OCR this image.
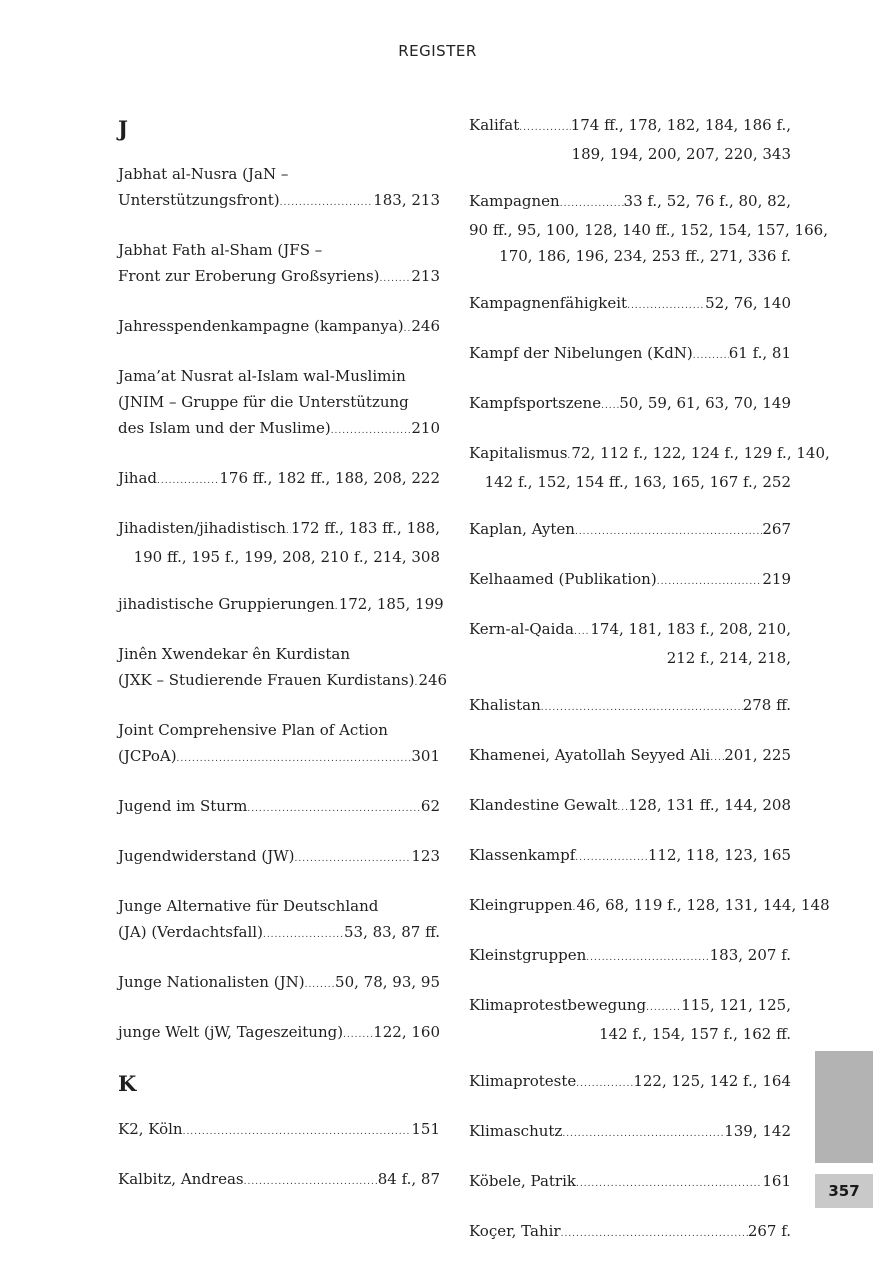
REGISTER
J
Jabhat al-Nusra (JaN –
Unterstützungsfront) .....	183, 213
Jabhat Fath al-Sham (JFS –
Front zur Eroberung Großsyriens) ..... 213
Jahresspendenkampagne (kampanya) ..... 246
Jama’at Nusrat al-Islam wal-Muslimin
(JNIM – Gruppe für die Unterstützung
des Islam und der Muslime) .....	210
Jihad .....	176 ff., 182 ff., 188, 208, 222
Jihadisten/jihadistisch ..... 172 ff., 183 ff., 188,
190 ff., 195 f., 199, 208, 210 f., 214, 308
jihadistische Gruppierungen ..... 172, 185, 199
Jinên Xwendekar ên Kurdistan
(JXK – Studierende Frauen Kurdistans) ..... 246
Joint Comprehensive Plan of Action
(JCPoA) .....	301
Jugend im Sturm .....	62
Jugendwiderstand (JW) .....	123
Junge Alternative für Deutschland
(JA) (Verdachtsfall) .....	53, 83, 87 ff.
Junge Nationalisten (JN) ..... 50, 78, 93, 95
junge Welt (jW, Tageszeitung) ..... 122, 160
K
K2, Köln .....	151
Kalbitz, Andreas .....	84 f., 87
Kalifat .....	174 ff., 178, 182, 184, 186 f.,
189, 194, 200, 207, 220, 343
Kampagnen .....	33 f., 52, 76 f., 80, 82,
90 ff., 95, 100, 128, 140 ff., 152, 154, 157, 166,
170, 186, 196, 234, 253 ff., 271, 336 f.
Kampagnenfähigkeit .....	52, 76, 140
Kampf der Nibelungen (KdN) ..... 61 f., 81
Kampfsportszene ..... 50, 59, 61, 63, 70, 149
Kapitalismus ..... 72, 112 f., 122, 124 f., 129 f., 140,
142 f., 152, 154 ff., 163, 165, 167 f., 252
Kaplan, Ayten .....	267
Kelhaamed (Publikation) .....	219
Kern-al-Qaida ..... 174, 181, 183 f., 208, 210,
212 f., 214, 218,
Khalistan .....	278 ff.
Khamenei, Ayatollah Seyyed Ali ..... 201, 225
Klandestine Gewalt ..... 128, 131 ff., 144, 208
Klassenkampf .....	112, 118, 123, 165
Kleingruppen ..... 46, 68, 119 f., 128, 131, 144, 148
Kleinstgruppen .....	183, 207 f.
Klimaprotestbewegung ..... 115, 121, 125,
142 f., 154, 157 f., 162 ff.
Klimaproteste .....	122, 125, 142 f., 164
Klimaschutz .....	139, 142
Köbele, Patrik .....	161
Koçer, Tahir .....	267 f.
357
